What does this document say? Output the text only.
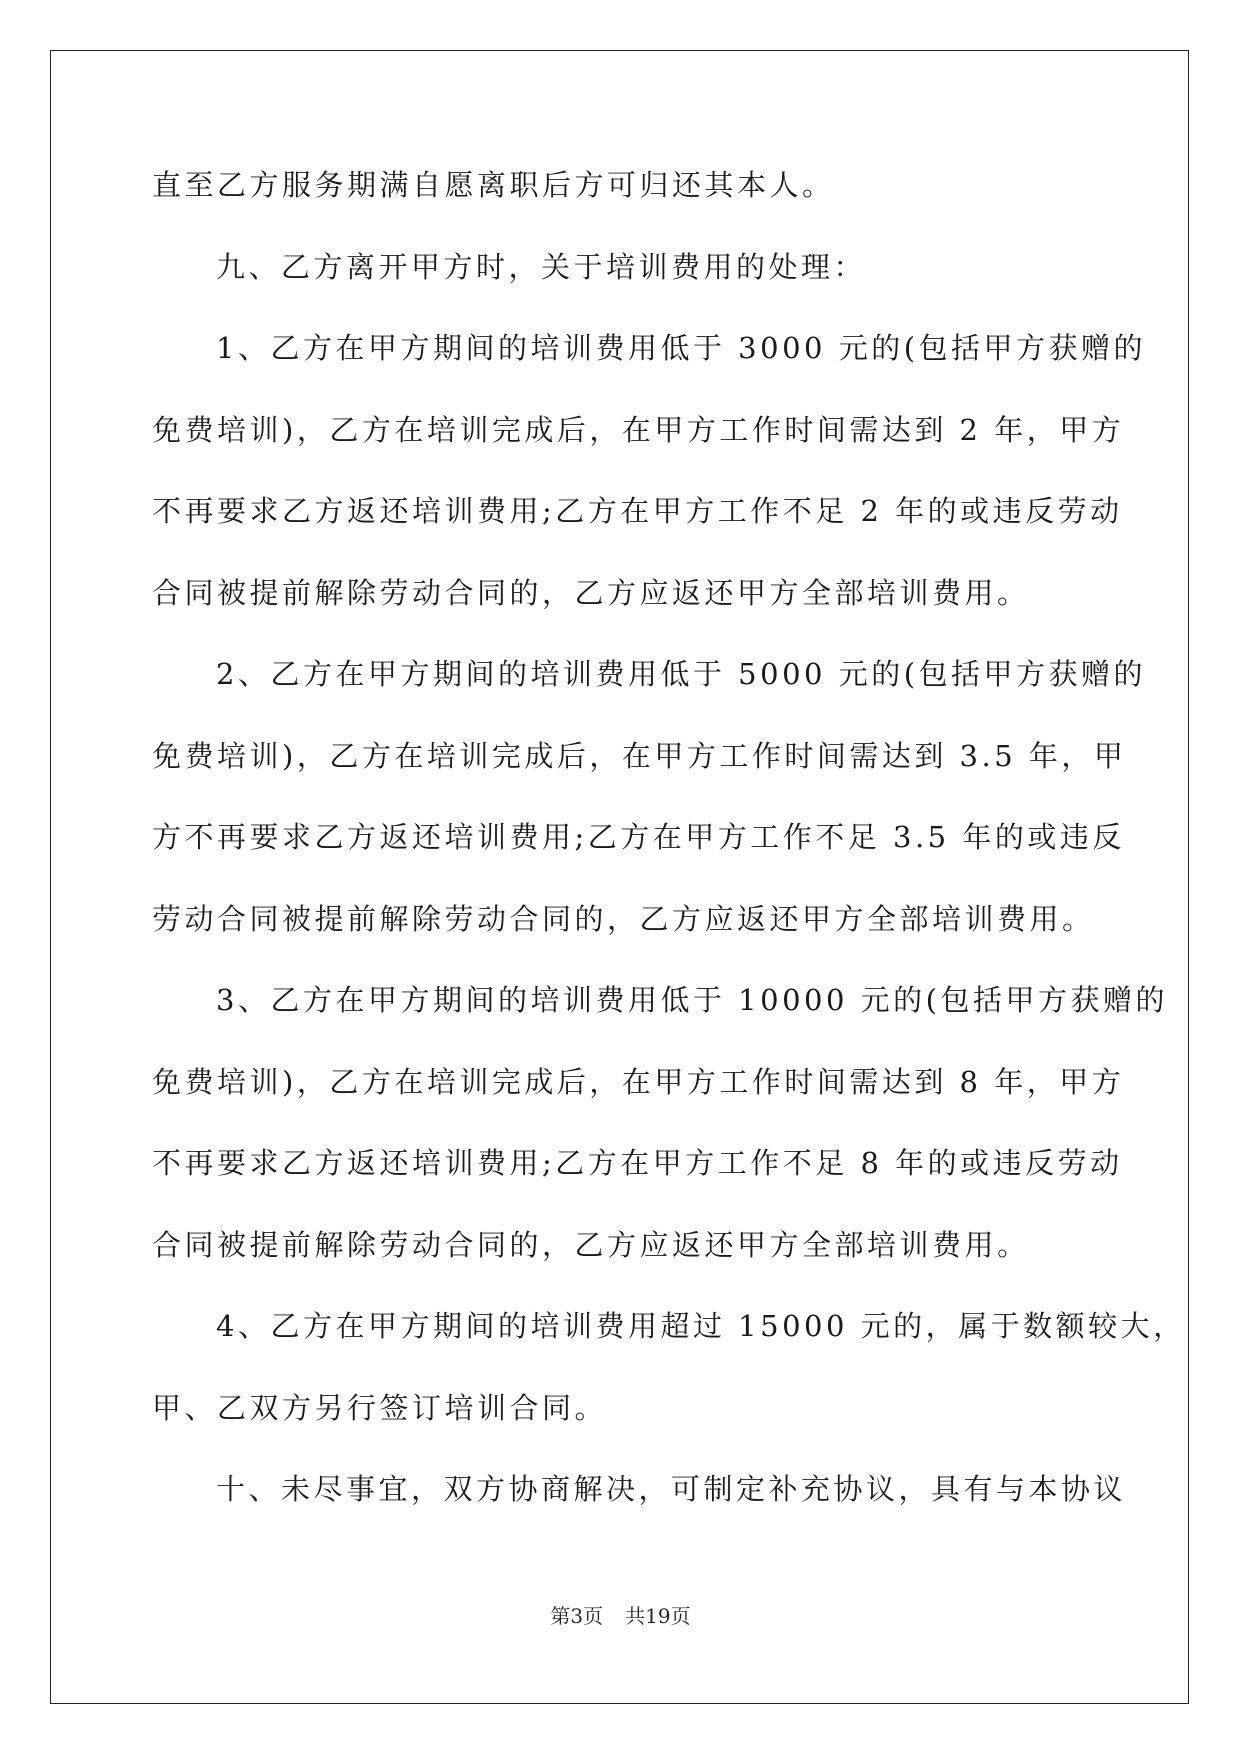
直至乙方服务期满自愿离职后方可归还其本人。
九、乙方离开甲方时，关于培训费用的处理：
1、乙方在甲方期间的培训费用低于 3000 元的(包括甲方获赠的
免费培训)，乙方在培训完成后，在甲方工作时间需达到 2 年，甲方
不再要求乙方返还培训费用;乙方在甲方工作不足 2 年的或违反劳动
合同被提前解除劳动合同的，乙方应返还甲方全部培训费用。
2、乙方在甲方期间的培训费用低于 5000 元的(包括甲方获赠的
免费培训)，乙方在培训完成后，在甲方工作时间需达到 3.5 年，甲
方不再要求乙方返还培训费用;乙方在甲方工作不足 3.5 年的或违反
劳动合同被提前解除劳动合同的，乙方应返还甲方全部培训费用。
3、乙方在甲方期间的培训费用低于 10000 元的(包括甲方获赠的
免费培训)，乙方在培训完成后，在甲方工作时间需达到 8 年，甲方
不再要求乙方返还培训费用;乙方在甲方工作不足 8 年的或违反劳动
合同被提前解除劳动合同的，乙方应返还甲方全部培训费用。
4、乙方在甲方期间的培训费用超过 15000 元的，属于数额较大，
甲、乙双方另行签订培训合同。
十、未尽事宜，双方协商解决，可制定补充协议，具有与本协议
第3页 共19页
